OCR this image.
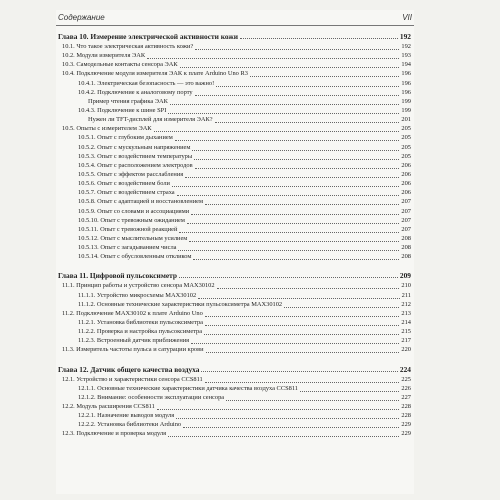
Содержание	VII
Глава 10. Измерение электрической активности кожи	192
10.1. Что такое электрическая активность кожи?	192
10.2. Модули измерителя ЭАК	193
10.3. Самодельные контакты сенсора ЭАК	194
10.4. Подключение модуля измерителя ЭАК к плате Arduino Uno R3	196
10.4.1. Электрическая безопасность — это важно!	196
10.4.2. Подключение к аналоговому порту	196
Пример чтения графика ЭАК	199
10.4.3. Подключение к шине SPI	199
Нужен ли TFT-дисплей для измерителя ЭАК?	201
10.5. Опыты с измерителем ЭАК	205
10.5.1. Опыт с глубоким дыханием	205
10.5.2. Опыт с мускульным напряжением	205
10.5.3. Опыт с воздействием температуры	205
10.5.4. Опыт с расположением электродов	206
10.5.5. Опыт с эффектом расслабления	206
10.5.6. Опыт с воздействием боли	206
10.5.7. Опыт с воздействием страха	206
10.5.8. Опыт с адаптацией и восстановлением	207
10.5.9. Опыт со словами и ассоциациями	207
10.5.10. Опыт с тревожным ожиданием	207
10.5.11. Опыт с тревожной реакцией	207
10.5.12. Опыт с мыслительным усилием	208
10.5.13. Опыт с загадыванием числа	208
10.5.14. Опыт с обусловленным откликом	208
Глава 11. Цифровой пульсоксиметр	209
11.1. Принцип работы и устройство сенсора MAX30102	210
11.1.1. Устройство микросхемы MAX30102	211
11.1.2. Основные технические характеристики пульсоксиметра MAX30102	212
11.2. Подключение MAX30102 к плате Arduino Uno	213
11.2.1. Установка библиотеки пульсоксиметра	214
11.2.2. Проверка и настройка пульсоксиметра	215
11.2.3. Встроенный датчик приближения	217
11.3. Измеритель частоты пульса и сатурации крови	220
Глава 12. Датчик общего качества воздуха	224
12.1. Устройство и характеристики сенсора CCS811	225
12.1.1. Основные технические характеристики датчика качества воздуха CCS811	226
12.1.2. Внимание: особенности эксплуатации сенсора	227
12.2. Модуль расширения CCS811	228
12.2.1. Назначение выводов модуля	228
12.2.2. Установка библиотеки Arduino	229
12.3. Подключение и проверка модуля	229
